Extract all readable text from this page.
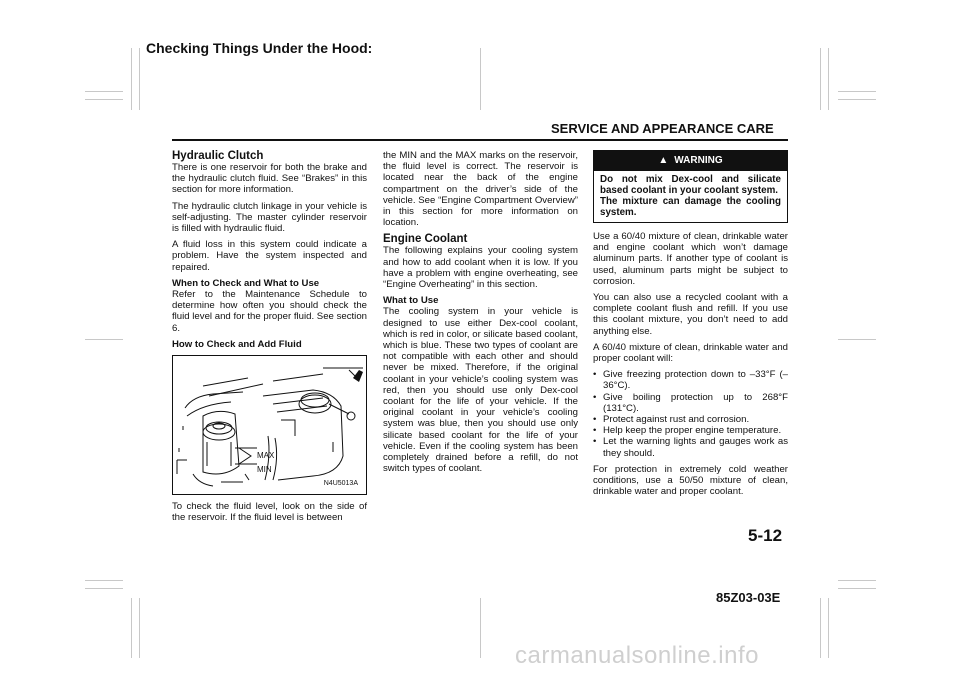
Checking Things Under the Hood:
SERVICE AND APPEARANCE CARE
Hydraulic Clutch

There is one reservoir for both the brake and the hydraulic clutch fluid. See “Brakes” in this section for more information.

The hydraulic clutch linkage in your vehicle is self-adjusting. The master cylinder reservoir is filled with hydraulic fluid.

A fluid loss in this system could indicate a problem. Have the system inspected and repaired.

When to Check and What to Use

Refer to the Maintenance Schedule to determine how often you should check the fluid level and for the proper fluid. See section 6.

How to Check and Add Fluid
MAX
MIN
N4U5013A

To check the fluid level, look on the side of the reservoir. If the fluid level is between

the MIN and the MAX marks on the reservoir, the fluid level is correct. The reservoir is located near the back of the engine compartment on the driver’s side of the vehicle. See “Engine Compartment Overview” in this section for more information on location.

Engine Coolant

The following explains your cooling system and how to add coolant when it is low. If you have a problem with engine overheating, see “Engine Overheating” in this section.

What to Use

The cooling system in your vehicle is designed to use either Dex-cool coolant, which is red in color, or silicate based coolant, which is blue. These two types of coolant are not compatible with each other and should never be mixed. Therefore, if the original coolant in your vehicle’s cooling system was red, then you should use only Dex-cool coolant for the life of your vehicle. If the original coolant in your vehicle’s cooling system was blue, then you should use only silicate based coolant for the life of your vehicle. Even if the cooling system has been completely drained before a refill, do not switch types of coolant.

▲ WARNING
Do not mix Dex-cool and silicate based coolant in your coolant system.
The mixture can damage the cooling system.

Use a 60/40 mixture of clean, drinkable water and engine coolant which won’t damage aluminum parts. If another type of coolant is used, aluminum parts might be subject to corrosion.

You can also use a recycled coolant with a complete coolant flush and refill. If you use this coolant mixture, you don’t need to add anything else.

A 60/40 mixture of clean, drinkable water and proper coolant will:

• Give freezing protection down to –33°F (–36°C).
• Give boiling protection up to 268°F (131°C).
• Protect against rust and corrosion.
• Help keep the proper engine temperature.
• Let the warning lights and gauges work as they should.

For protection in extremely cold weather conditions, use a 50/50 mixture of clean, drinkable water and proper coolant.

5-12
85Z03-03E
carmanualsonline.info
